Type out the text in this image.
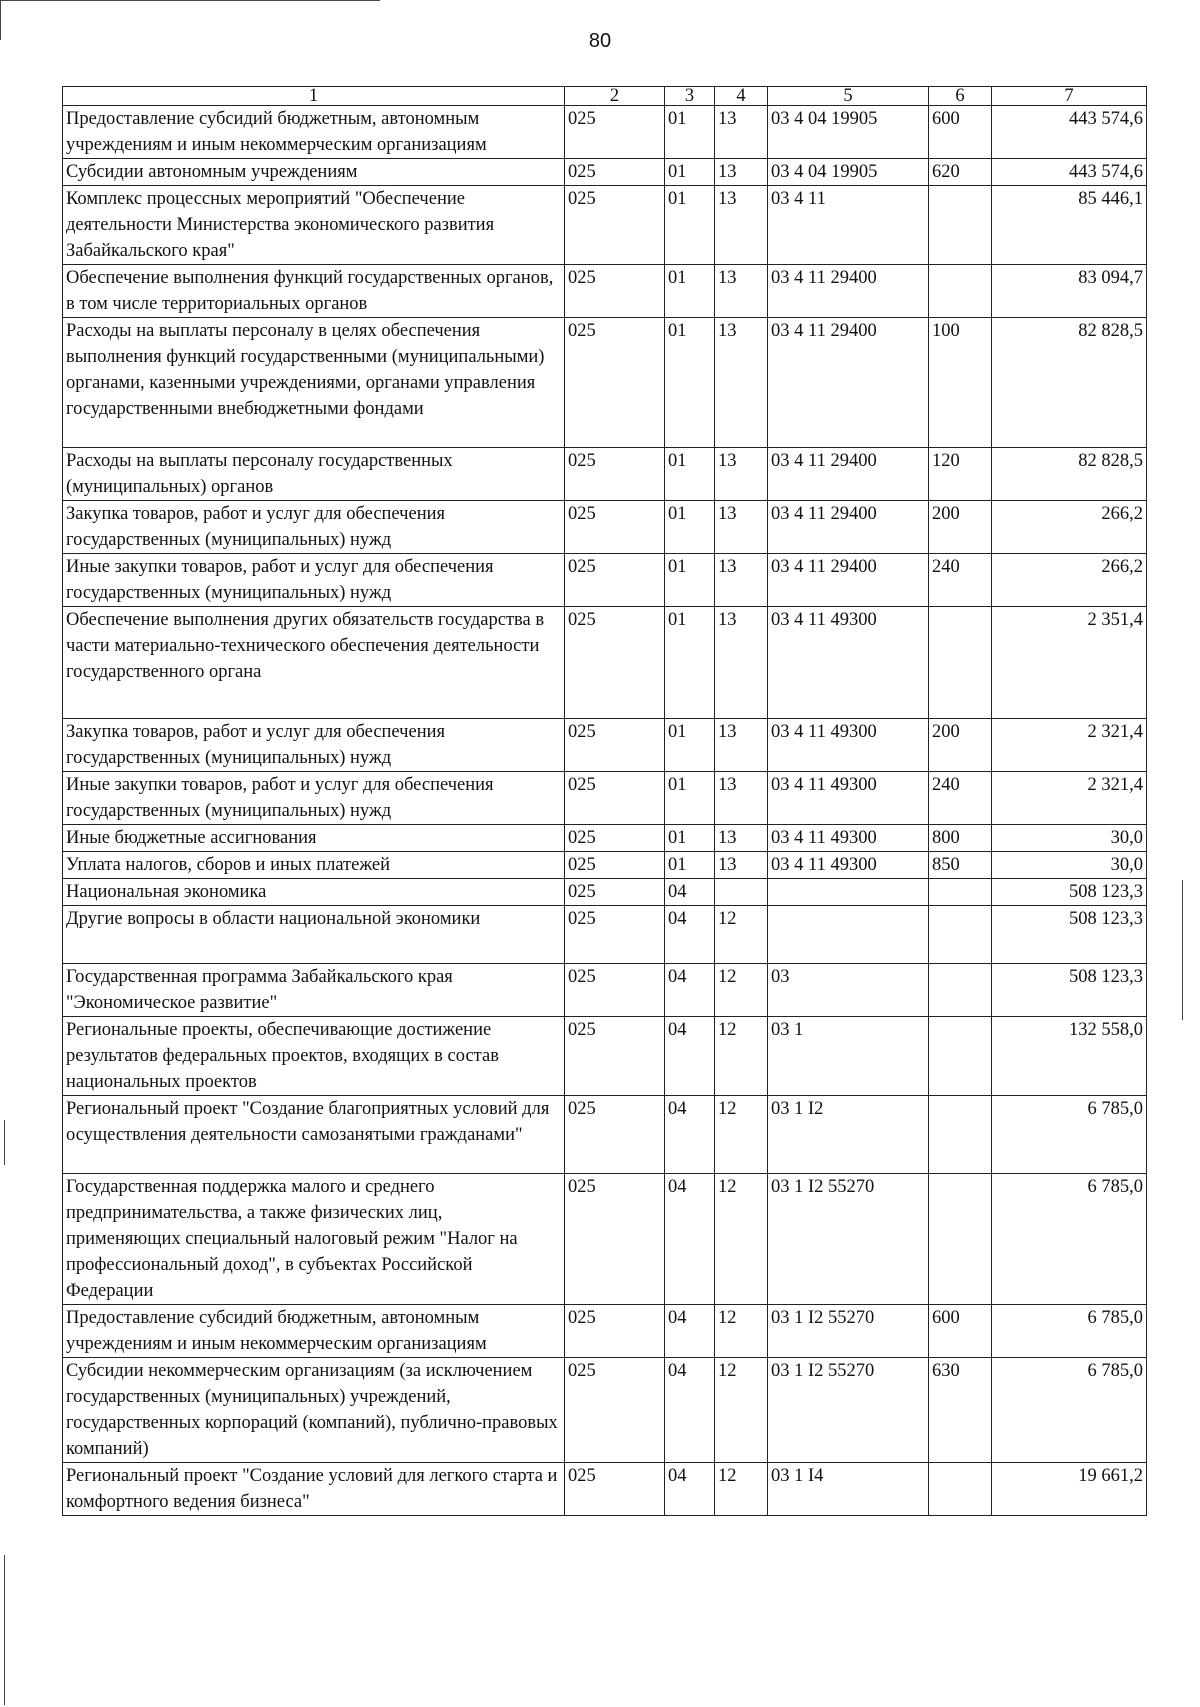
80
1	2	3	4	5	6	7
Предоставление субсидий бюджетным, автономным учреждениям и иным некоммерческим организациям	025	01	13	03 4 04 19905	600	443 574,6
Субсидии автономным учреждениям	025	01	13	03 4 04 19905	620	443 574,6
Комплекс процессных мероприятий "Обеспечение деятельности Министерства экономического развития Забайкальского края"	025	01	13	03 4 11		85 446,1
Обеспечение выполнения функций государственных органов, в том числе территориальных органов	025	01	13	03 4 11 29400		83 094,7
Расходы на выплаты персоналу в целях обеспечения выполнения функций государственными (муниципальными) органами, казенными учреждениями, органами управления государственными внебюджетными фондами	025	01	13	03 4 11 29400	100	82 828,5
Расходы на выплаты персоналу государственных (муниципальных) органов	025	01	13	03 4 11 29400	120	82 828,5
Закупка товаров, работ и услуг для обеспечения государственных (муниципальных) нужд	025	01	13	03 4 11 29400	200	266,2
Иные закупки товаров, работ и услуг для обеспечения государственных (муниципальных) нужд	025	01	13	03 4 11 29400	240	266,2
Обеспечение выполнения других обязательств государства в части материально-технического обеспечения деятельности государственного органа	025	01	13	03 4 11 49300		2 351,4
Закупка товаров, работ и услуг для обеспечения государственных (муниципальных) нужд	025	01	13	03 4 11 49300	200	2 321,4
Иные закупки товаров, работ и услуг для обеспечения государственных (муниципальных) нужд	025	01	13	03 4 11 49300	240	2 321,4
Иные бюджетные ассигнования	025	01	13	03 4 11 49300	800	30,0
Уплата налогов, сборов и иных платежей	025	01	13	03 4 11 49300	850	30,0
Национальная экономика	025	04				508 123,3
Другие вопросы в области национальной экономики	025	04	12			508 123,3
Государственная программа Забайкальского края "Экономическое развитие"	025	04	12	03		508 123,3
Региональные проекты, обеспечивающие достижение результатов федеральных проектов, входящих в состав национальных проектов	025	04	12	03 1		132 558,0
Региональный проект "Создание благоприятных условий для осуществления деятельности самозанятыми гражданами"	025	04	12	03 1 I2		6 785,0
Государственная поддержка малого и среднего предпринимательства, а также физических лиц, применяющих специальный налоговый режим "Налог на профессиональный доход", в субъектах Российской Федерации	025	04	12	03 1 I2 55270		6 785,0
Предоставление субсидий бюджетным, автономным учреждениям и иным некоммерческим организациям	025	04	12	03 1 I2 55270	600	6 785,0
Субсидии некоммерческим организациям (за исключением государственных (муниципальных) учреждений, государственных корпораций (компаний), публично-правовых компаний)	025	04	12	03 1 I2 55270	630	6 785,0
Региональный проект "Создание условий для легкого старта и комфортного ведения бизнеса"	025	04	12	03 1 I4		19 661,2
